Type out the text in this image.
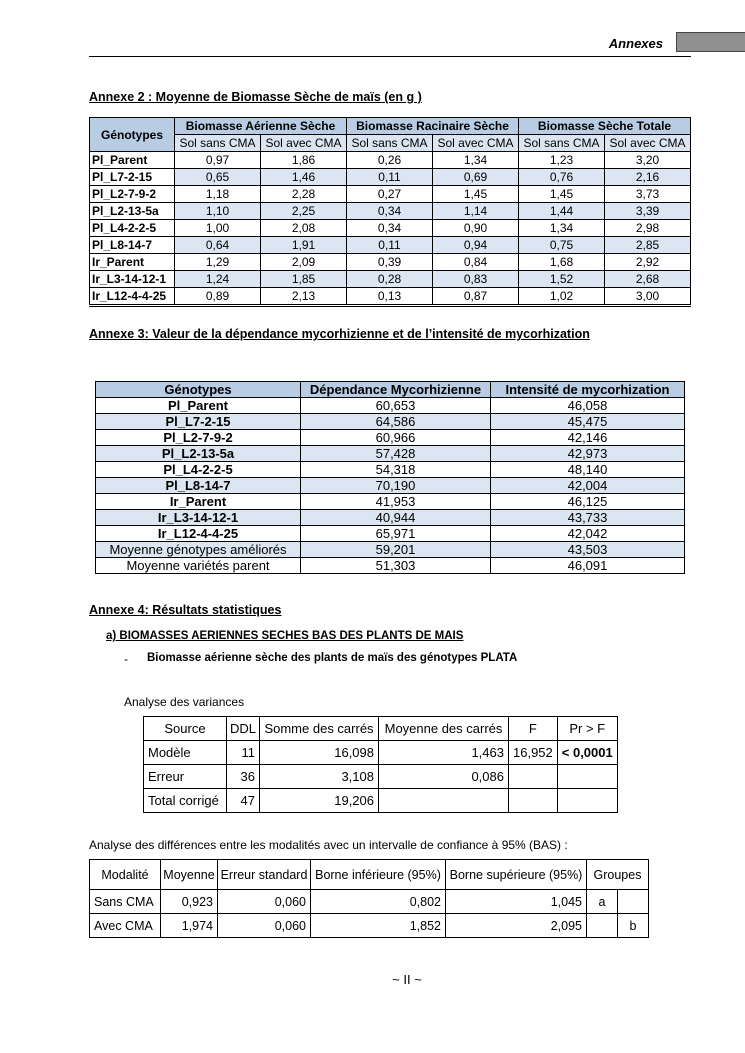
Annexes
Annexe 2 : Moyenne de Biomasse Sèche de maïs (en g )
Génotypes	Biomasse Aérienne Sèche		Biomasse Racinaire Sèche		Biomasse Sèche Totale	
	Sol sans CMA	Sol avec CMA	Sol sans CMA	Sol avec CMA	Sol sans CMA	Sol avec CMA
Pl_Parent	0,97	1,86	0,26	1,34	1,23	3,20
Pl_L7-2-15	0,65	1,46	0,11	0,69	0,76	2,16
Pl_L2-7-9-2	1,18	2,28	0,27	1,45	1,45	3,73
Pl_L2-13-5a	1,10	2,25	0,34	1,14	1,44	3,39
Pl_L4-2-2-5	1,00	2,08	0,34	0,90	1,34	2,98
Pl_L8-14-7	0,64	1,91	0,11	0,94	0,75	2,85
Ir_Parent	1,29	2,09	0,39	0,84	1,68	2,92
Ir_L3-14-12-1	1,24	1,85	0,28	0,83	1,52	2,68
Ir_L12-4-4-25	0,89	2,13	0,13	0,87	1,02	3,00
Annexe 3: Valeur de la dépendance mycorhizienne et de l’intensité de mycorhization
Génotypes	Dépendance Mycorhizienne	Intensité de mycorhization
Pl_Parent	60,653	46,058
Pl_L7-2-15	64,586	45,475
Pl_L2-7-9-2	60,966	42,146
Pl_L2-13-5a	57,428	42,973
Pl_L4-2-2-5	54,318	48,140
Pl_L8-14-7	70,190	42,004
Ir_Parent	41,953	46,125
Ir_L3-14-12-1	40,944	43,733
Ir_L12-4-4-25	65,971	42,042
Moyenne génotypes améliorés	59,201	43,503
Moyenne variétés parent	51,303	46,091
Annexe 4: Résultats statistiques
a) BIOMASSES AERIENNES SECHES BAS DES PLANTS DE MAIS
- Biomasse aérienne sèche des plants de maïs des génotypes PLATA
Analyse des variances
Source	DDL	Somme des carrés	Moyenne des carrés	F	Pr > F
Modèle	11	16,098	1,463	16,952	< 0,0001
Erreur	36	3,108	0,086		
Total corrigé	47	19,206			
Analyse des différences entre les modalités avec un intervalle de confiance à 95% (BAS) :
Modalité	Moyenne	Erreur standard	Borne inférieure (95%)	Borne supérieure (95%)	Groupes	
Sans CMA	0,923	0,060	0,802	1,045	a	
Avec CMA	1,974	0,060	1,852	2,095		b
~ II ~
